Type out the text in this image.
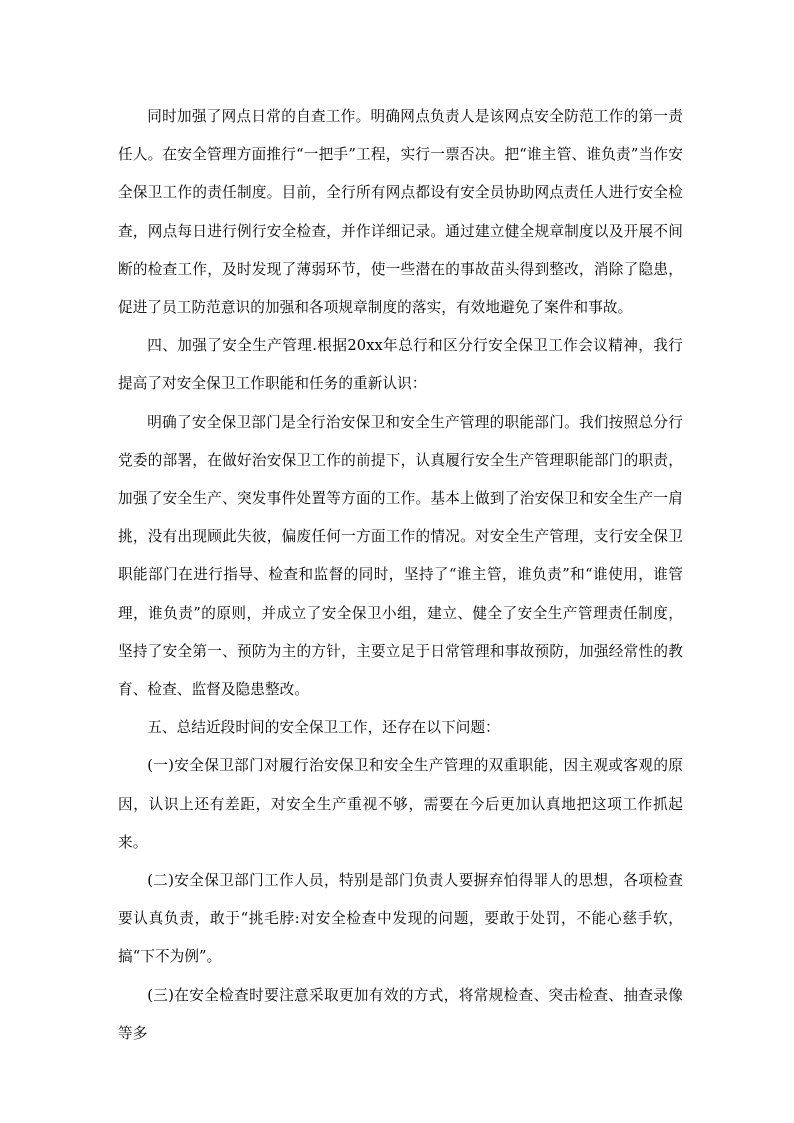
同时加强了网点日常的自查工作。明确网点负责人是该网点安全防范工作的第一责任人。在安全管理方面推行“一把手”工程，实行一票否决。把“谁主管、谁负责”当作安全保卫工作的责任制度。目前，全行所有网点都设有安全员协助网点责任人进行安全检查，网点每日进行例行安全检查，并作详细记录。通过建立健全规章制度以及开展不间断的检查工作，及时发现了薄弱环节，使一些潜在的事故苗头得到整改，消除了隐患，促进了员工防范意识的加强和各项规章制度的落实，有效地避免了案件和事故。

四、加强了安全生产管理.根据20xx年总行和区分行安全保卫工作会议精神，我行提高了对安全保卫工作职能和任务的重新认识：

明确了安全保卫部门是全行治安保卫和安全生产管理的职能部门。我们按照总分行党委的部署，在做好治安保卫工作的前提下，认真履行安全生产管理职能部门的职责，加强了安全生产、突发事件处置等方面的工作。基本上做到了治安保卫和安全生产一肩挑，没有出现顾此失彼，偏废任何一方面工作的情况。对安全生产管理，支行安全保卫职能部门在进行指导、检查和监督的同时，坚持了“谁主管，谁负责”和“谁使用，谁管理，谁负责”的原则，并成立了安全保卫小组，建立、健全了安全生产管理责任制度，坚持了安全第一、预防为主的方针，主要立足于日常管理和事故预防，加强经常性的教育、检查、监督及隐患整改。

五、总结近段时间的安全保卫工作，还存在以下问题：

(一)安全保卫部门对履行治安保卫和安全生产管理的双重职能，因主观或客观的原因，认识上还有差距，对安全生产重视不够，需要在今后更加认真地把这项工作抓起来。

(二)安全保卫部门工作人员，特别是部门负责人要摒弃怕得罪人的思想，各项检查要认真负责，敢于“挑毛脖:对安全检查中发现的问题，要敢于处罚，不能心慈手软，搞“下不为例”。

(三)在安全检查时要注意采取更加有效的方式，将常规检查、突击检查、抽查录像等多
